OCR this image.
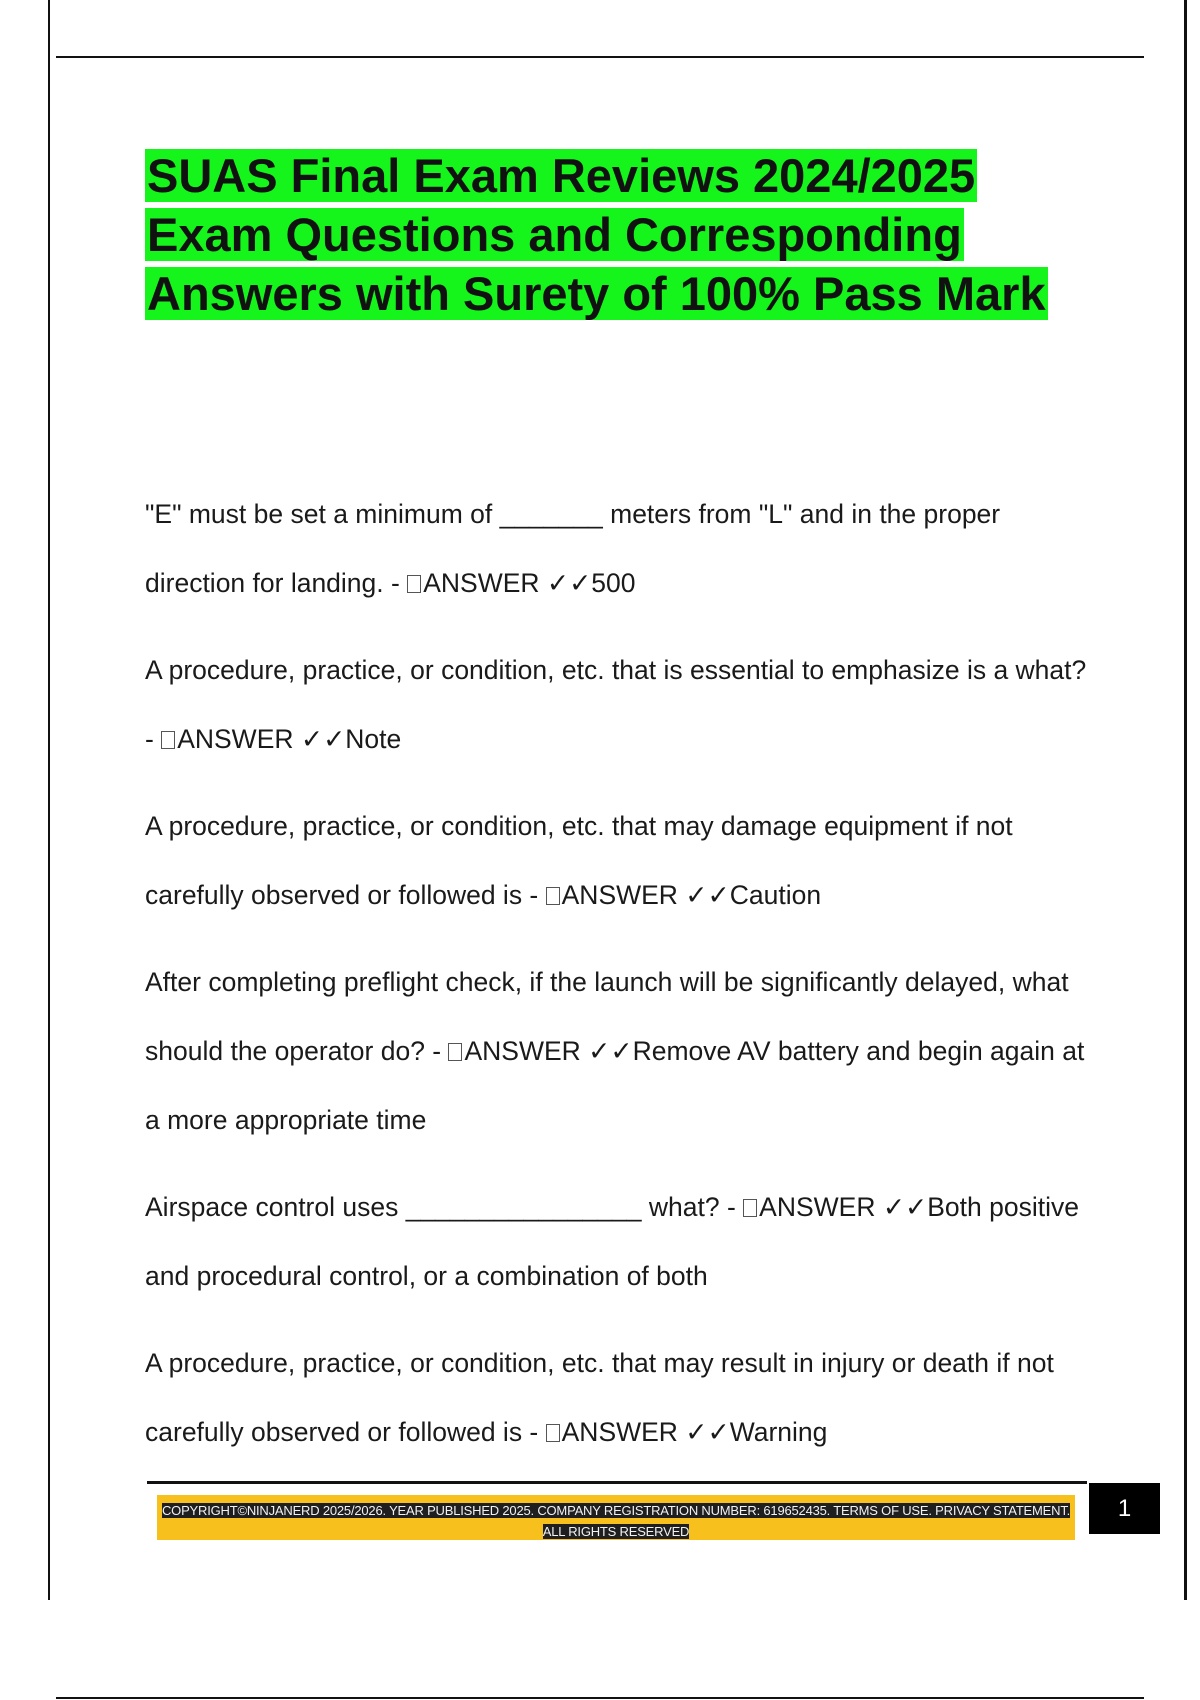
SUAS Final Exam Reviews 2024/2025 Exam Questions and Corresponding Answers with Surety of 100% Pass Mark

"E" must be set a minimum of _______ meters from "L" and in the proper direction for landing. - ANSWER ✓✓500

A procedure, practice, or condition, etc. that is essential to emphasize is a what? - ANSWER ✓✓Note

A procedure, practice, or condition, etc. that may damage equipment if not carefully observed or followed is - ANSWER ✓✓Caution

After completing preflight check, if the launch will be significantly delayed, what should the operator do? - ANSWER ✓✓Remove AV battery and begin again at a more appropriate time

Airspace control uses ________________ what? - ANSWER ✓✓Both positive and procedural control, or a combination of both

A procedure, practice, or condition, etc. that may result in injury or death if not carefully observed or followed is - ANSWER ✓✓Warning

COPYRIGHT©NINJANERD 2025/2026. YEAR PUBLISHED 2025. COMPANY REGISTRATION NUMBER: 619652435. TERMS OF USE. PRIVACY STATEMENT. ALL RIGHTS RESERVED
1
